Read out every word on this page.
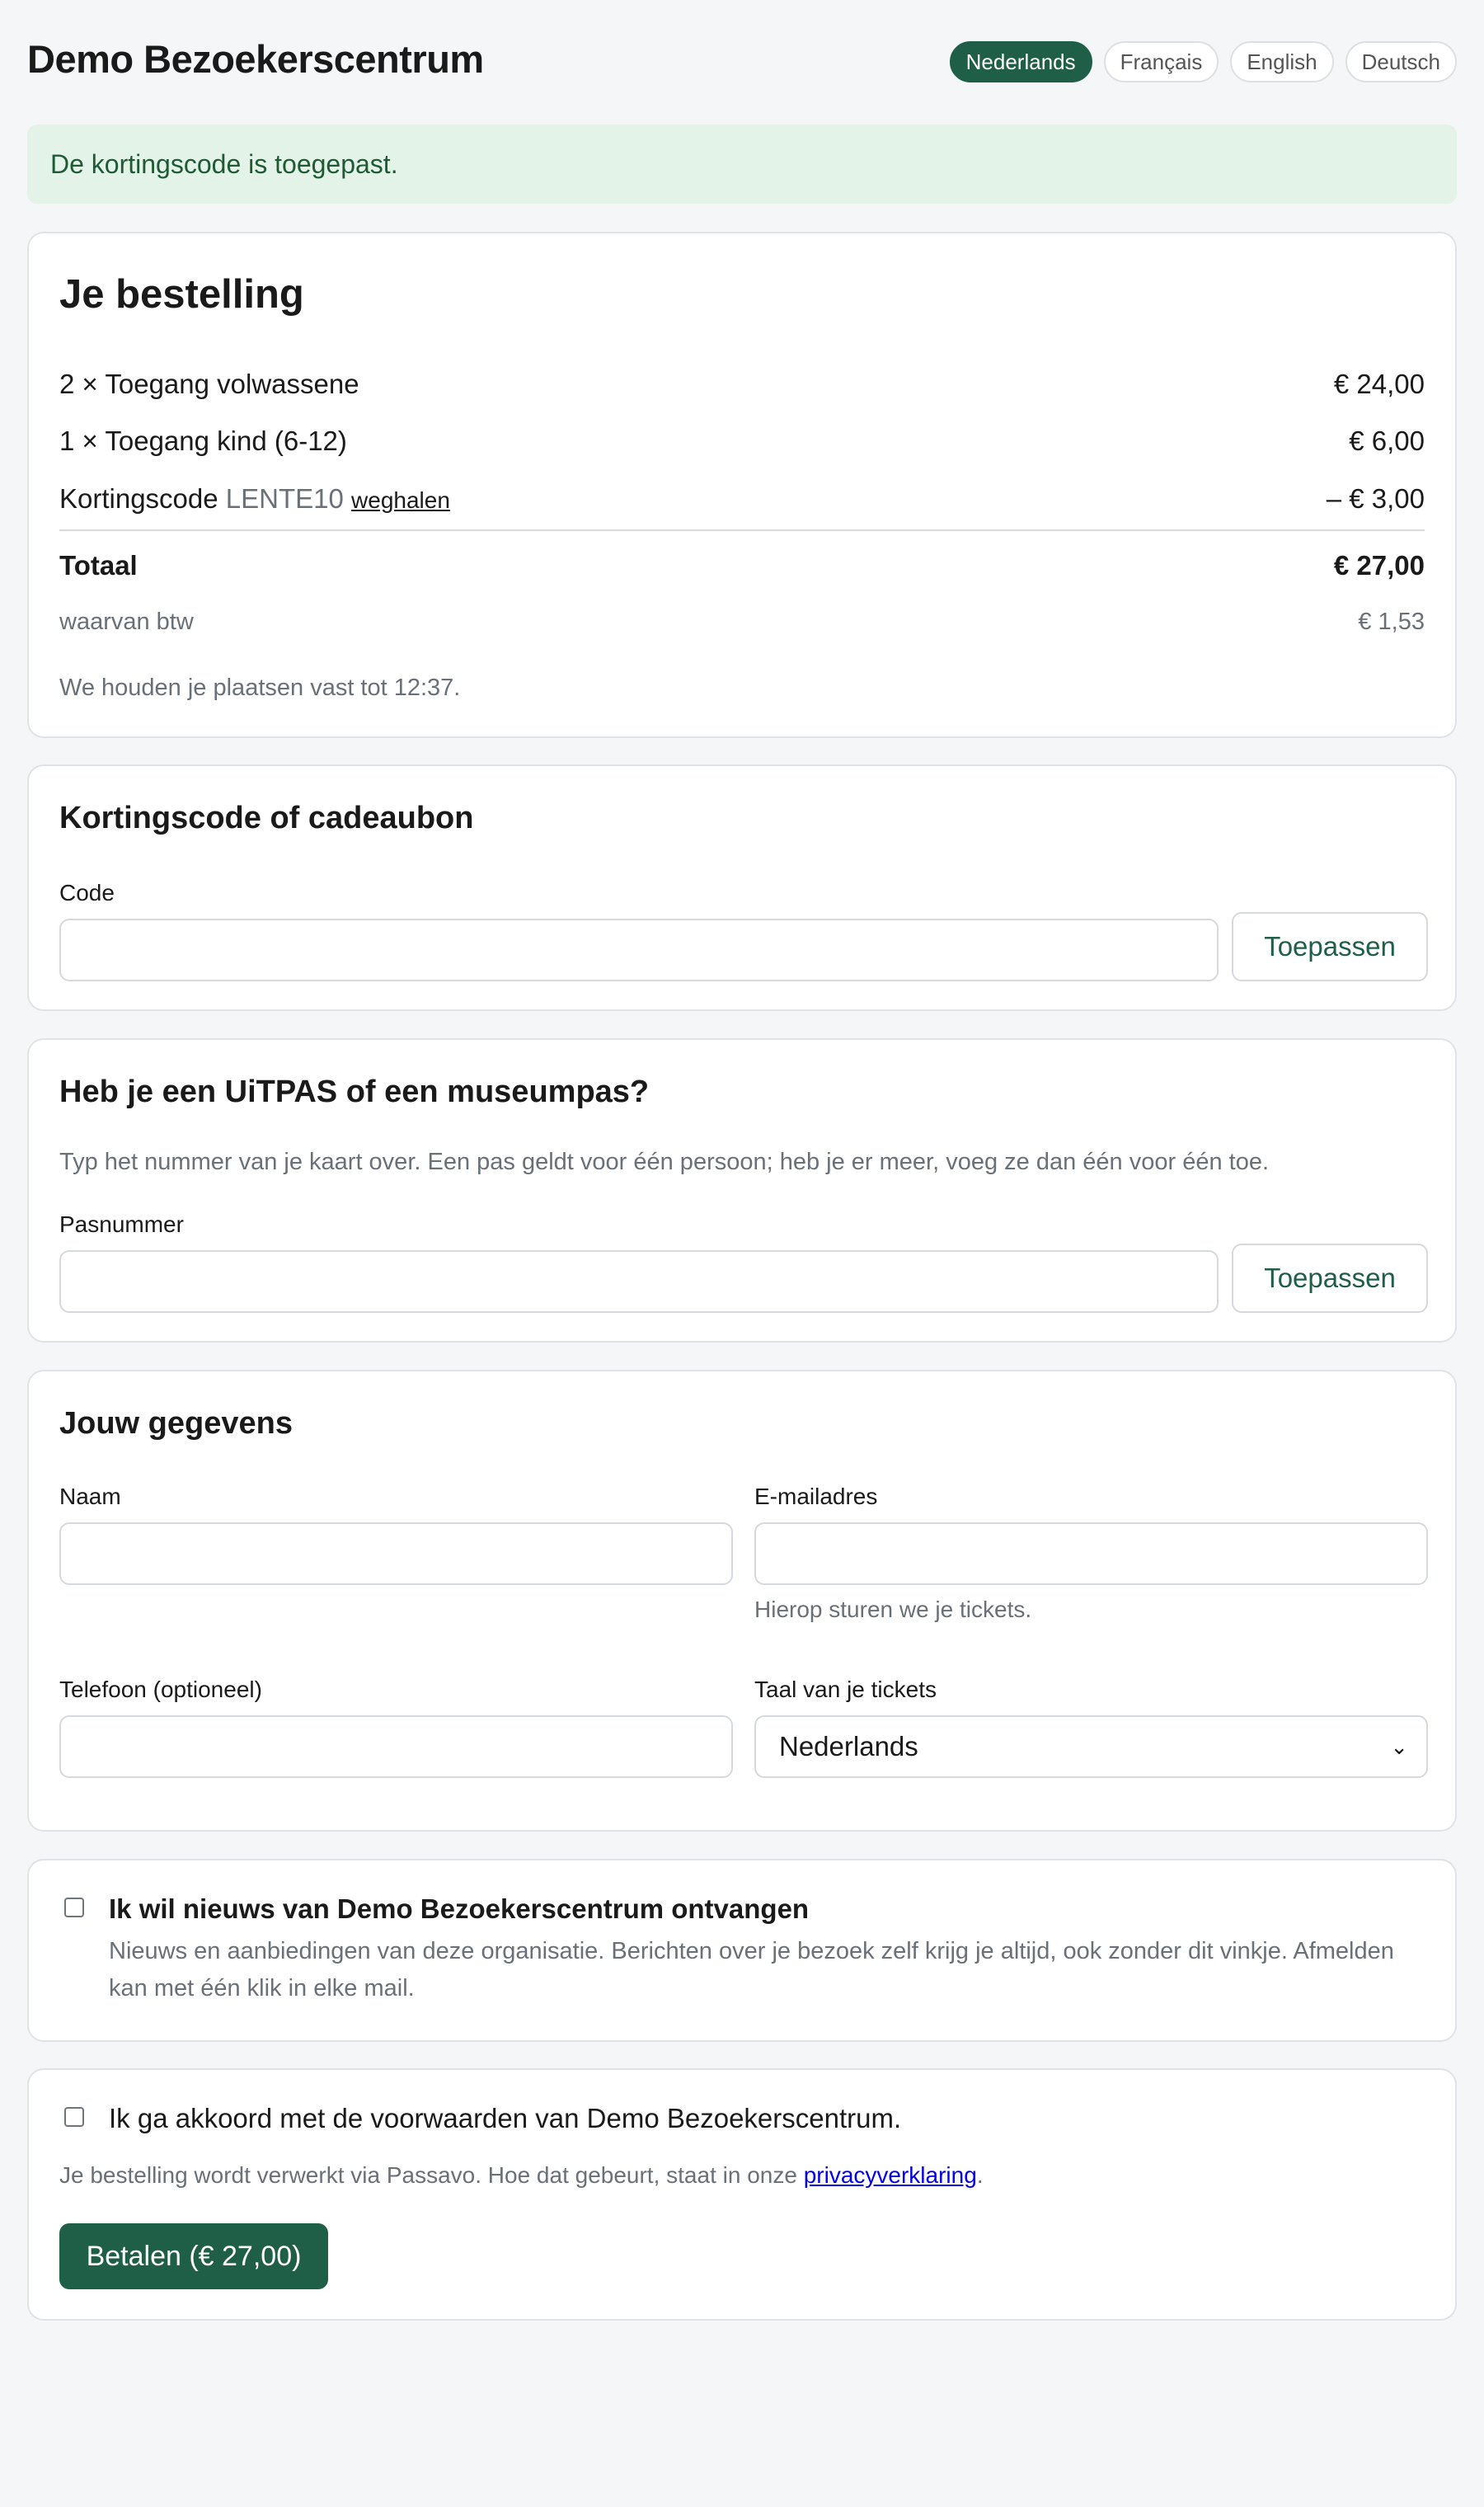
Demo Bezoekerscentrum	Nederlands	Français	English	Deutsch
De kortingscode is toegepast.
Je bestelling
2 × Toegang volwassene	€ 24,00
1 × Toegang kind (6-12)	€ 6,00
Kortingscode LENTE10 weghalen	– € 3,00
Totaal	€ 27,00
waarvan btw	€ 1,53
We houden je plaatsen vast tot 12:37.
Kortingscode of cadeaubon
Code
Toepassen
Heb je een UiTPAS of een museumpas?
Typ het nummer van je kaart over. Een pas geldt voor één persoon; heb je er meer, voeg ze dan één voor één toe.
Pasnummer
Toepassen
Jouw gegevens
Naam	E-mailadres
Hierop sturen we je tickets.
Telefoon (optioneel)	Taal van je tickets
Nederlands	⌄
Ik wil nieuws van Demo Bezoekerscentrum ontvangen
Nieuws en aanbiedingen van deze organisatie. Berichten over je bezoek zelf krijg je altijd, ook zonder dit vinkje. Afmelden kan met één klik in elke mail.
Ik ga akkoord met de voorwaarden van Demo Bezoekerscentrum.
Je bestelling wordt verwerkt via Passavo. Hoe dat gebeurt, staat in onze privacyverklaring.
Betalen (€ 27,00)
